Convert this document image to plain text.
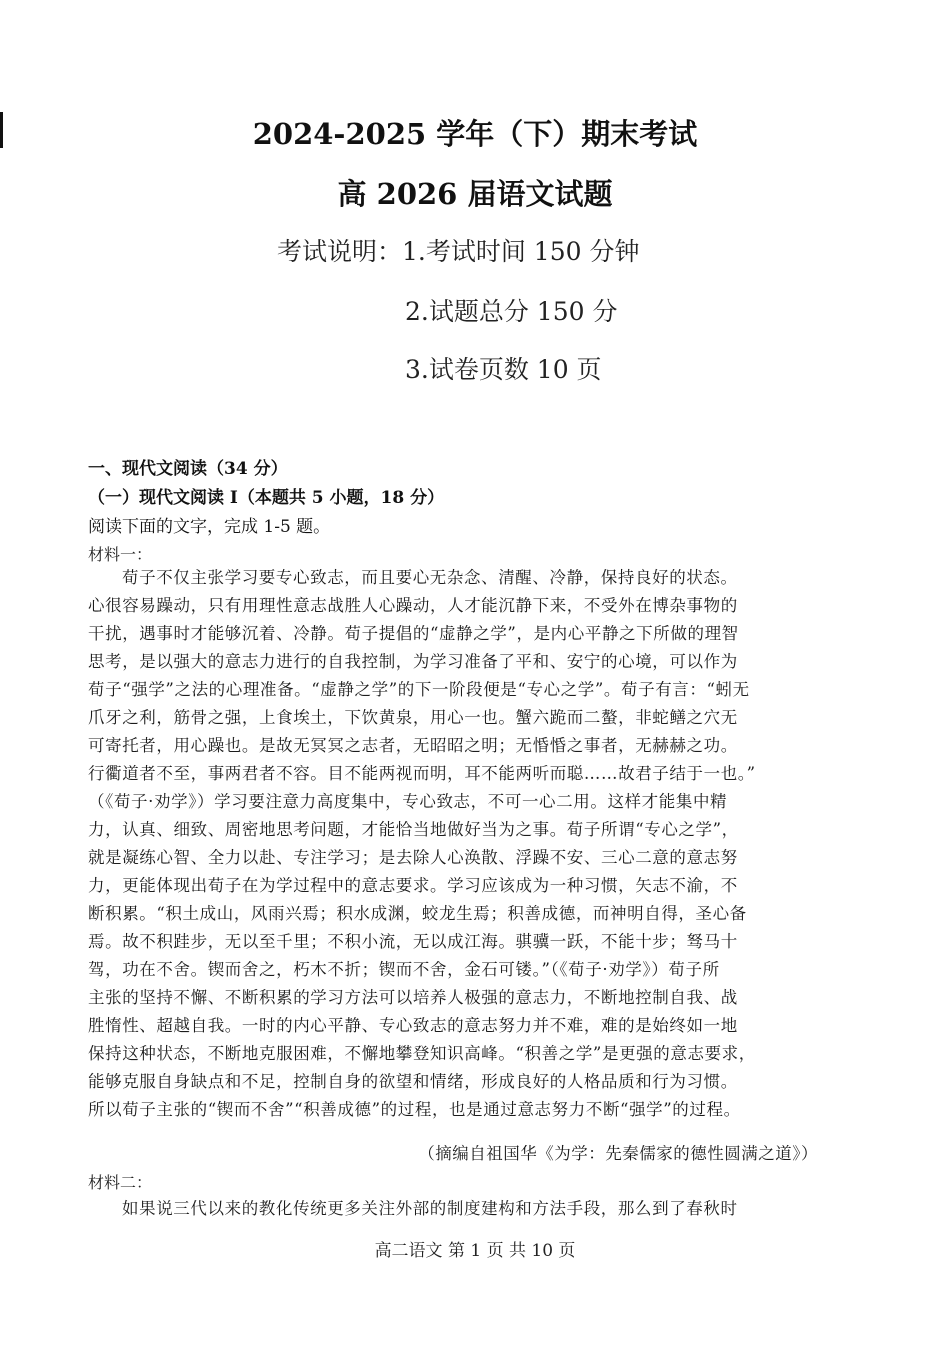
2024-2025 学年（下）期末考试
高 2026 届语文试题
考试说明：1.考试时间 150 分钟
2.试题总分 150 分
3.试卷页数 10 页
一、现代文阅读（34 分）
（一）现代文阅读 I（本题共 5 小题，18 分）
阅读下面的文字，完成 1-5 题。
材料一：
荀子不仅主张学习要专心致志，而且要心无杂念、清醒、冷静，保持良好的状态。
心很容易躁动，只有用理性意志战胜人心躁动，人才能沉静下来，不受外在博杂事物的
干扰，遇事时才能够沉着、冷静。荀子提倡的“虚静之学”，是内心平静之下所做的理智
思考，是以强大的意志力进行的自我控制，为学习准备了平和、安宁的心境，可以作为
荀子“强学”之法的心理准备。“虚静之学”的下一阶段便是“专心之学”。荀子有言：“蚓无
爪牙之利，筋骨之强，上食埃土，下饮黄泉，用心一也。蟹六跪而二螯，非蛇鳝之穴无
可寄托者，用心躁也。是故无冥冥之志者，无昭昭之明；无惛惛之事者，无赫赫之功。
行衢道者不至，事两君者不容。目不能两视而明，耳不能两听而聪……故君子结于一也。”
（《荀子·劝学》）学习要注意力高度集中，专心致志，不可一心二用。这样才能集中精
力，认真、细致、周密地思考问题，才能恰当地做好当为之事。荀子所谓“专心之学”，
就是凝练心智、全力以赴、专注学习；是去除人心涣散、浮躁不安、三心二意的意志努
力，更能体现出荀子在为学过程中的意志要求。学习应该成为一种习惯，矢志不渝，不
断积累。“积土成山，风雨兴焉；积水成渊，蛟龙生焉；积善成德，而神明自得，圣心备
焉。故不积跬步，无以至千里；不积小流，无以成江海。骐骥一跃，不能十步；驽马十
驾，功在不舍。锲而舍之，朽木不折；锲而不舍，金石可镂。”（《荀子·劝学》）荀子所
主张的坚持不懈、不断积累的学习方法可以培养人极强的意志力，不断地控制自我、战
胜惰性、超越自我。一时的内心平静、专心致志的意志努力并不难，难的是始终如一地
保持这种状态，不断地克服困难，不懈地攀登知识高峰。“积善之学”是更强的意志要求，
能够克服自身缺点和不足，控制自身的欲望和情绪，形成良好的人格品质和行为习惯。
所以荀子主张的“锲而不舍”“积善成德”的过程，也是通过意志努力不断“强学”的过程。
（摘编自祖国华《为学：先秦儒家的德性圆满之道》）
材料二：
如果说三代以来的教化传统更多关注外部的制度建构和方法手段，那么到了春秋时
高二语文 第 1 页 共 10 页
